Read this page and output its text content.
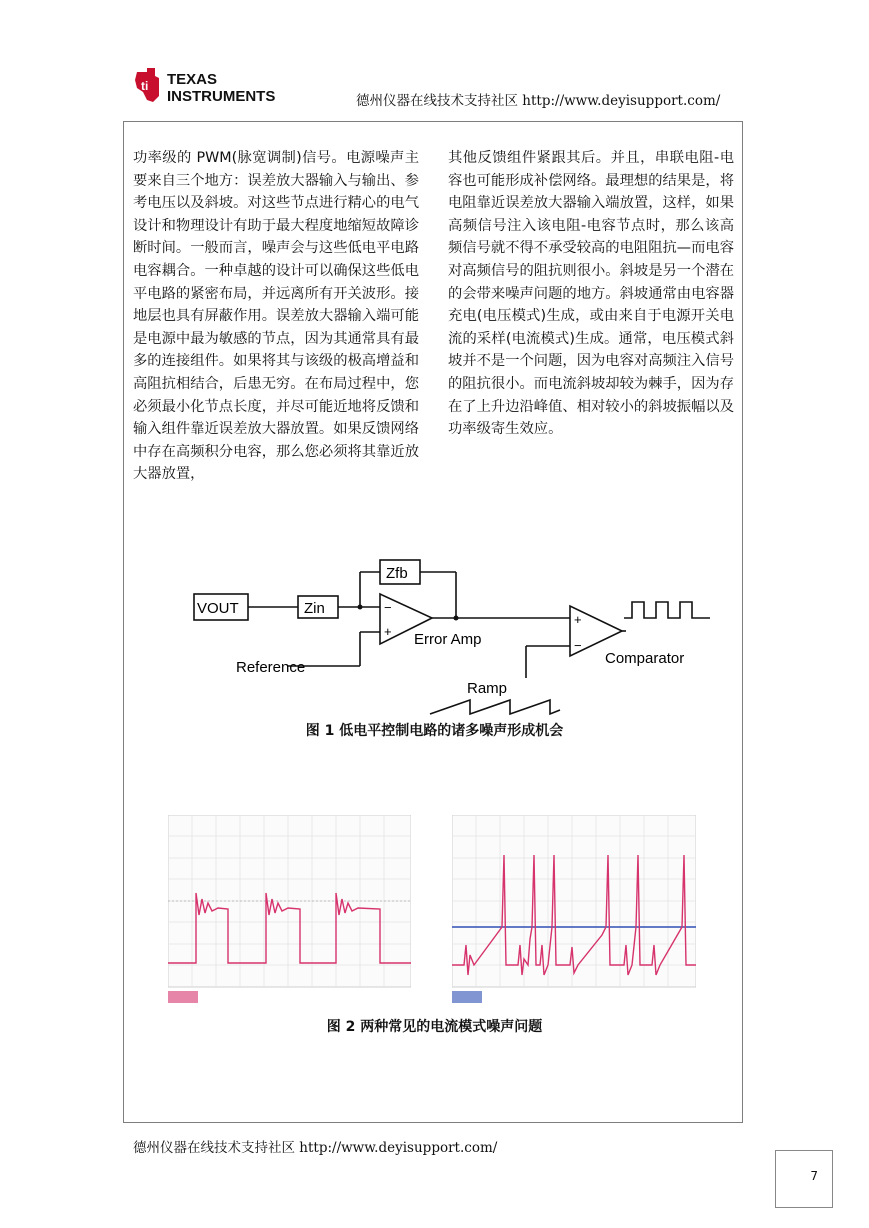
ti TEXAS
INSTRUMENTS	德州仪器在线技术支持社区 http://www.deyisupport.com/
功率级的 PWM(脉宽调制)信号。电源噪声主要来自三个地方：误差放大器输入与输出、参考电压以及斜坡。对这些节点进行精心的电气设计和物理设计有助于最大程度地缩短故障诊断时间。一般而言，噪声会与这些低电平电路电容耦合。一种卓越的设计可以确保这些低电平电路的紧密布局，并远离所有开关波形。接地层也具有屏蔽作用。误差放大器输入端可能是电源中最为敏感的节点，因为其通常具有最多的连接组件。如果将其与该级的极高增益和高阻抗相结合，后患无穷。在布局过程中，您必须最小化节点长度，并尽可能近地将反馈和输入组件靠近误差放大器放置。如果反馈网络中存在高频积分电容，那么您必须将其靠近放大器放置，
其他反馈组件紧跟其后。并且，串联电阻-电容也可能形成补偿网络。最理想的结果是，将电阻靠近误差放大器输入端放置，这样，如果高频信号注入该电阻-电容节点时，那么该高频信号就不得不承受较高的电阻阻抗—而电容对高频信号的阻抗则很小。斜坡是另一个潜在的会带来噪声问题的地方。斜坡通常由电容器充电(电压模式)生成，或由来自于电源开关电流的采样(电流模式)生成。通常，电压模式斜坡并不是一个问题，因为电容对高频注入信号的阻抗很小。而电流斜坡却较为棘手，因为存在了上升边沿峰值、相对较小的斜坡振幅以及功率级寄生效应。
VOUT	Zin
Zfb
−
+ Error Amp
Reference
+
−
Comparator
Ramp
图 1 低电平控制电路的诸多噪声形成机会
图 2 两种常见的电流模式噪声问题
德州仪器在线技术支持社区 http://www.deyisupport.com/
7
